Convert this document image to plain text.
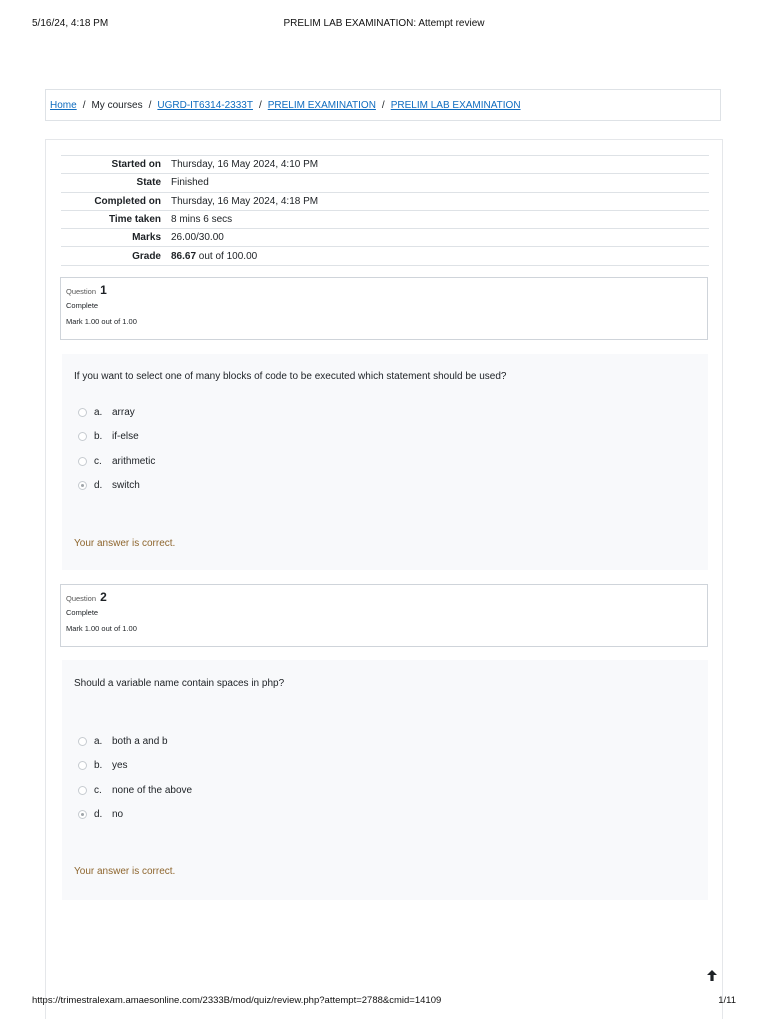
5/16/24, 4:18 PM	PRELIM LAB EXAMINATION: Attempt review
Home / My courses / UGRD-IT6314-2333T / PRELIM EXAMINATION / PRELIM LAB EXAMINATION
Started on	Thursday, 16 May 2024, 4:10 PM
State	Finished
Completed on	Thursday, 16 May 2024, 4:18 PM
Time taken	8 mins 6 secs
Marks	26.00/30.00
Grade	86.67 out of 100.00
Question 1
Complete
Mark 1.00 out of 1.00
If you want to select one of many blocks of code to be executed which statement should be used?
a. array
b. if-else
c.	arithmetic
d. switch
Your answer is correct.
Question 2
Complete
Mark 1.00 out of 1.00
Should a variable name contain spaces in php?
a. both a and b
b. yes
c.	none of the above
d. no
Your answer is correct.
https://trimestralexam.amaesonline.com/2333B/mod/quiz/review.php?attempt=2788&cmid=14109	1/11
